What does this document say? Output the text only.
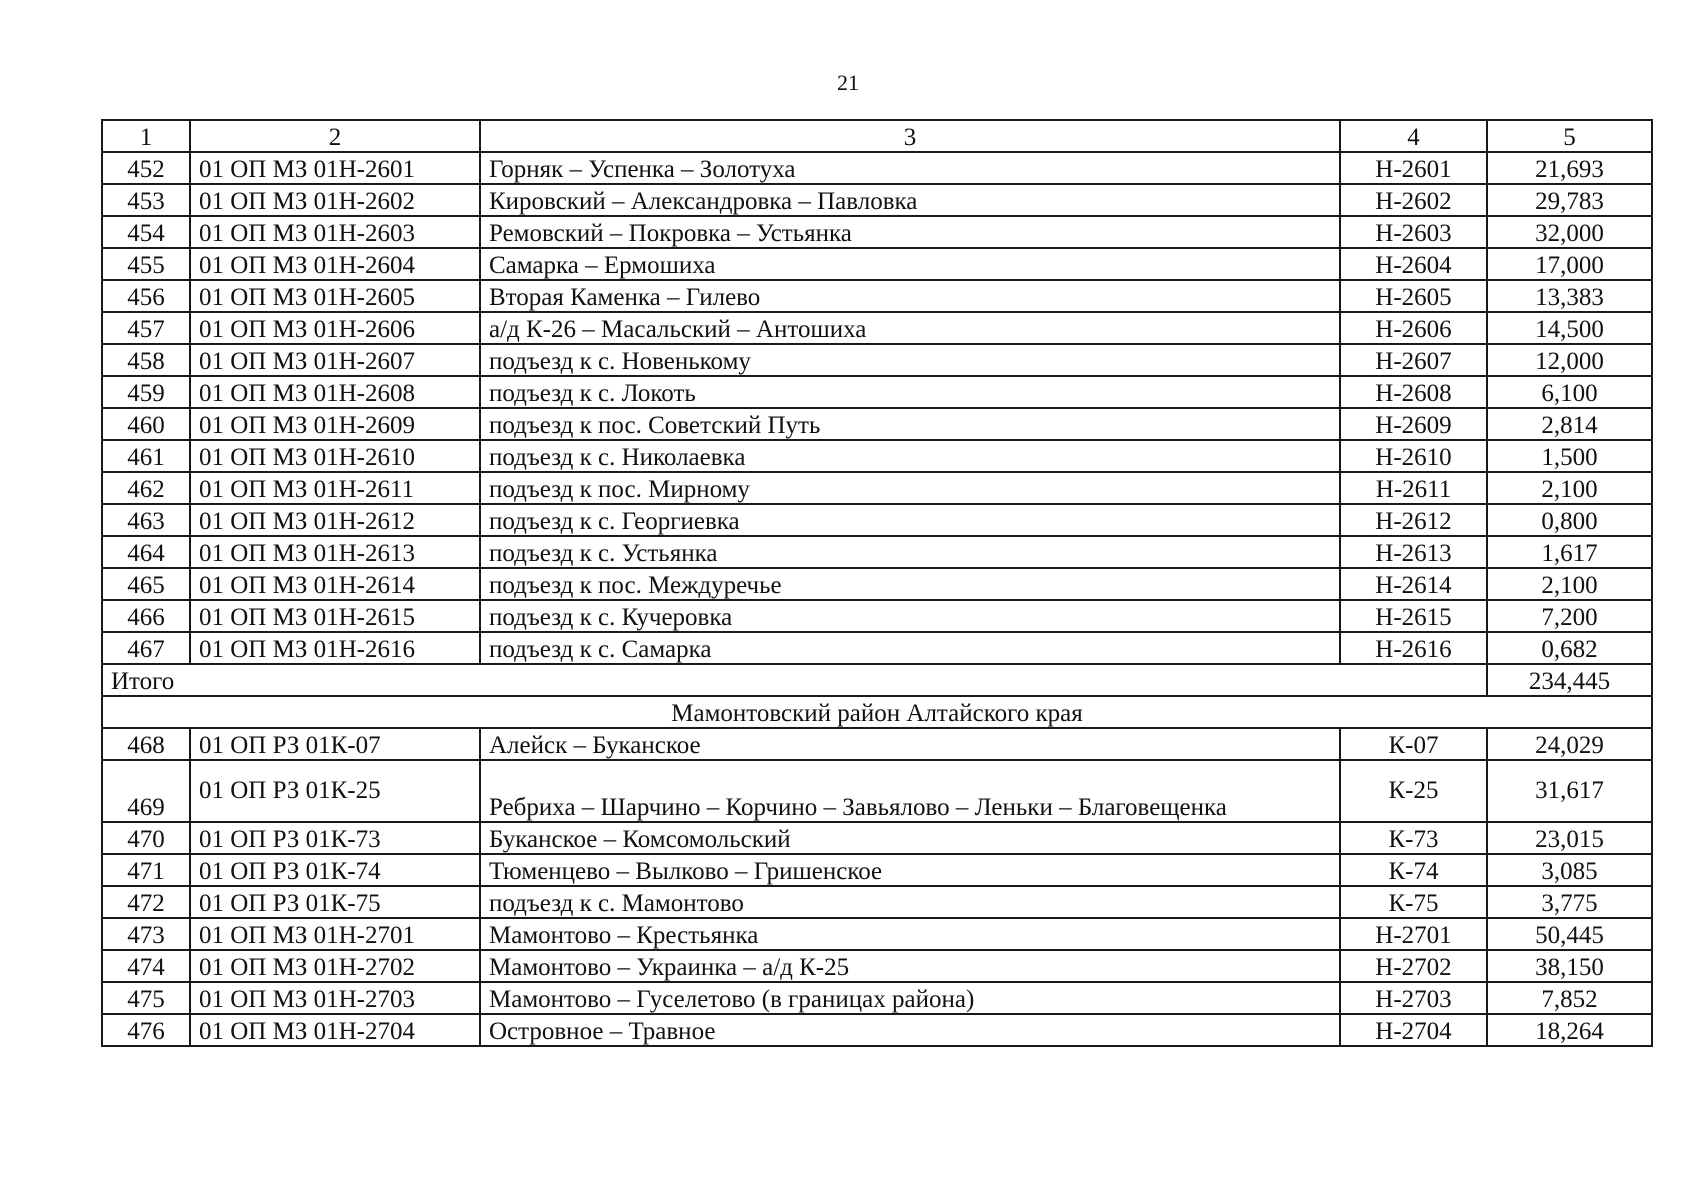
21
1	2	3	4	5
452	01 ОП МЗ 01Н-2601	Горняк – Успенка – Золотуха	Н-2601	21,693
453	01 ОП МЗ 01Н-2602	Кировский – Александровка – Павловка	Н-2602	29,783
454	01 ОП МЗ 01Н-2603	Ремовский – Покровка – Устьянка	Н-2603	32,000
455	01 ОП МЗ 01Н-2604	Самарка – Ермошиха	Н-2604	17,000
456	01 ОП МЗ 01Н-2605	Вторая Каменка – Гилево	Н-2605	13,383
457	01 ОП МЗ 01Н-2606	а/д К-26 – Масальский – Антошиха	Н-2606	14,500
458	01 ОП МЗ 01Н-2607	подъезд к с. Новенькому	Н-2607	12,000
459	01 ОП МЗ 01Н-2608	подъезд к с. Локоть	Н-2608	6,100
460	01 ОП МЗ 01Н-2609	подъезд к пос. Советский Путь	Н-2609	2,814
461	01 ОП МЗ 01Н-2610	подъезд к с. Николаевка	Н-2610	1,500
462	01 ОП МЗ 01Н-2611	подъезд к пос. Мирному	Н-2611	2,100
463	01 ОП МЗ 01Н-2612	подъезд к с. Георгиевка	Н-2612	0,800
464	01 ОП МЗ 01Н-2613	подъезд к с. Устьянка	Н-2613	1,617
465	01 ОП МЗ 01Н-2614	подъезд к пос. Междуречье	Н-2614	2,100
466	01 ОП МЗ 01Н-2615	подъезд к с. Кучеровка	Н-2615	7,200
467	01 ОП МЗ 01Н-2616	подъезд к с. Самарка	Н-2616	0,682
Итого				234,445
Мамонтовский район Алтайского края				
468	01 ОП РЗ 01К-07	Алейск – Буканское	К-07	24,029
469	01 ОП РЗ 01К-25	Ребриха – Шарчино – Корчино – Завьялово – Леньки – Благовещенка	К-25	31,617
470	01 ОП РЗ 01К-73	Буканское – Комсомольский	К-73	23,015
471	01 ОП РЗ 01К-74	Тюменцево – Вылково – Гришенское	К-74	3,085
472	01 ОП РЗ 01К-75	подъезд к с. Мамонтово	К-75	3,775
473	01 ОП МЗ 01Н-2701	Мамонтово – Крестьянка	Н-2701	50,445
474	01 ОП МЗ 01Н-2702	Мамонтово – Украинка – а/д К-25	Н-2702	38,150
475	01 ОП МЗ 01Н-2703	Мамонтово – Гуселетово (в границах района)	Н-2703	7,852
476	01 ОП МЗ 01Н-2704	Островное – Травное	Н-2704	18,264
